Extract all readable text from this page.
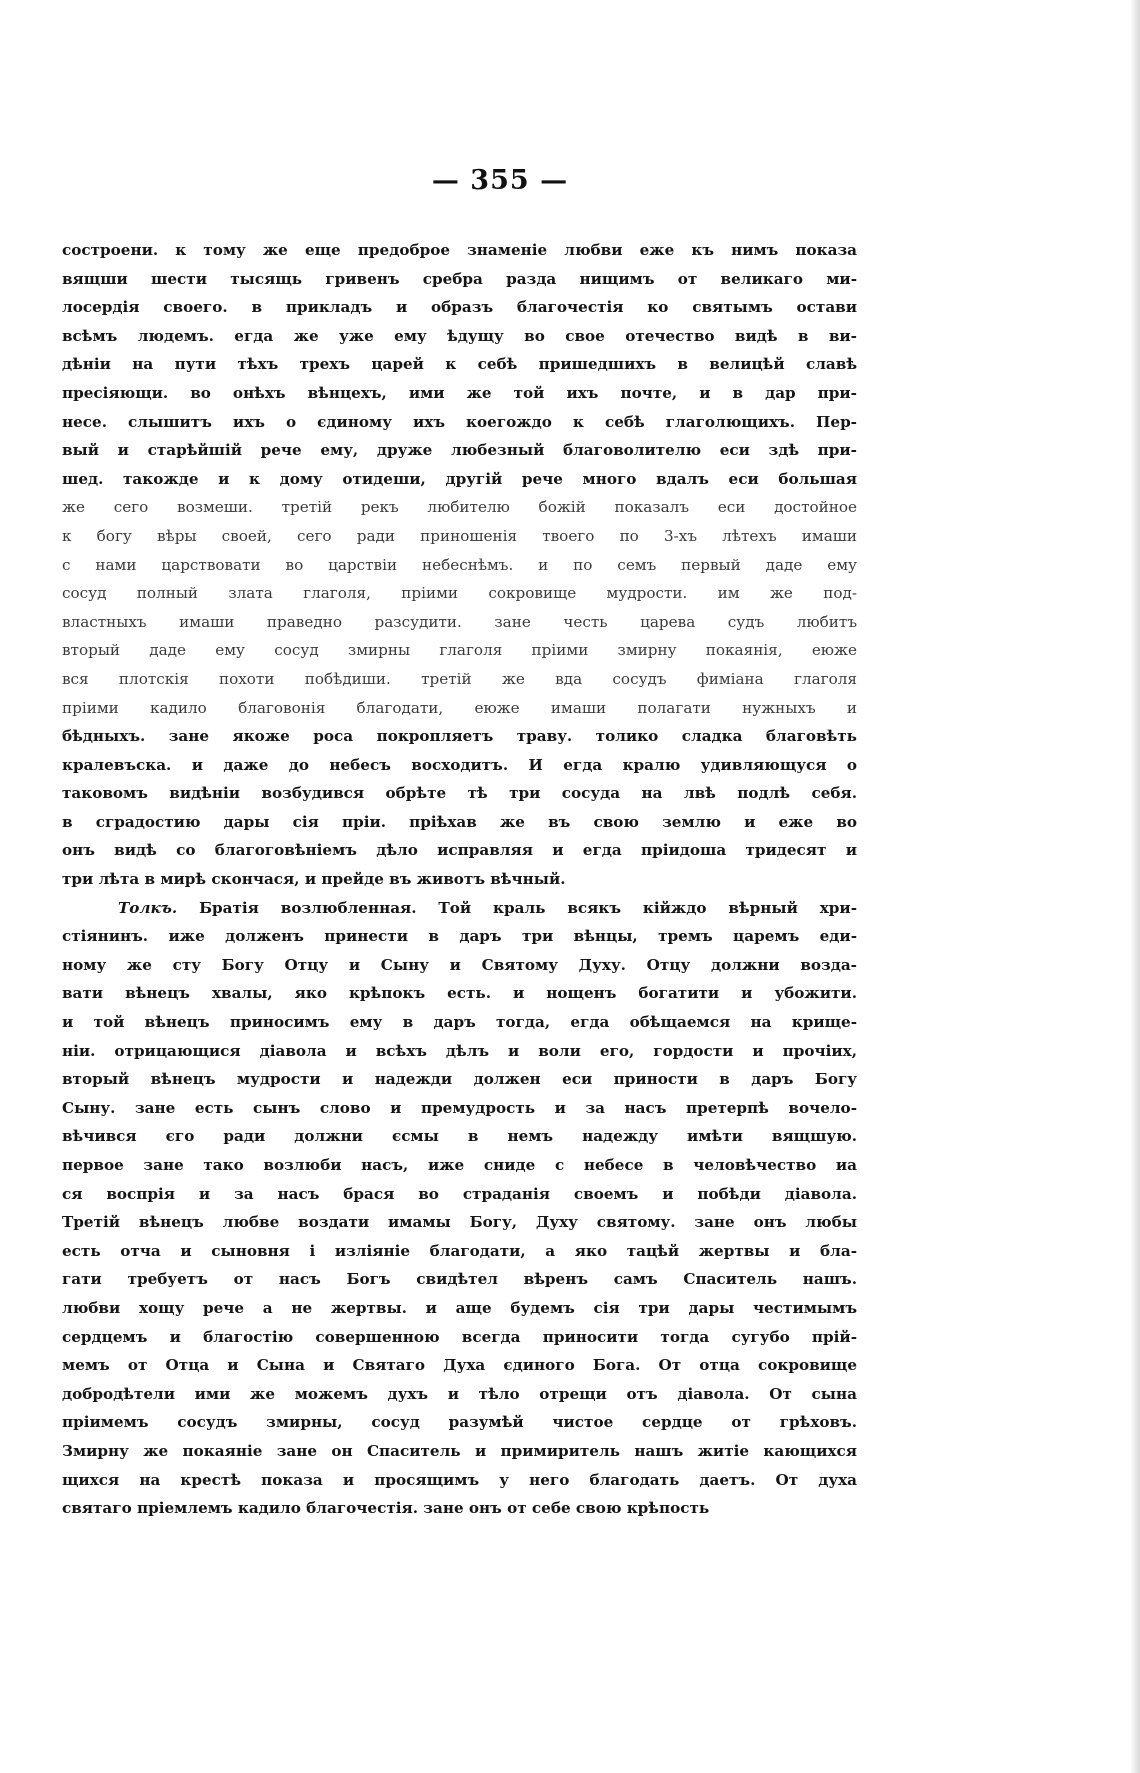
— 355 —
состроени. к тому же еще предоброе знаменіе любви еже къ нимъ показа
вящши шести тысящь гривенъ сребра разда нищимъ от великаго ми-
лосердія своего. в прикладъ и образъ благочестія ко святымъ остави
всѣмъ людемъ. егда же уже ему ѣдущу во свое отечество видѣ в ви-
дѣніи на пути тѣхъ трехъ царей к себѣ пришедшихъ в велицѣй славѣ
пресіяющи. во онѣхъ вѣнцехъ, ими же той ихъ почте, и в дар при-
несе. слышитъ ихъ о єдиному ихъ коегождо к себѣ глаголющихъ. Пер-
вый и старѣйшій рече ему, друже любезный благоволителю еси здѣ при-
шед. такожде и к дому отидеши, другій рече много вдалъ еси большая
же сего возмеши. третій рекъ любителю божій показалъ еси достойное
к богу вѣры своей, сего ради приношенія твоего по 3-хъ лѣтехъ имаши
с нами царствовати во царствіи небеснѣмъ. и по семъ первый даде ему
сосуд полный злата глаголя, пріими сокровище мудрости. им же под-
властныхъ имаши праведно разсудити. зане честь царева судъ любитъ
вторый даде ему сосуд змирны глаголя пріими змирну покаянія, еюже
вся плотскія похоти побѣдиши. третій же вда сосудъ фиміана глаголя
пріими кадило благовонія благодати, еюже имаши полагати нужныхъ и
бѣдныхъ. зане якоже роса покропляетъ траву. толико сладка благовѣть
кралевъска. и даже до небесъ восходитъ. И егда кралю удивляющуся о
таковомъ видѣніи возбудився обрѣте тѣ три сосуда на лвѣ подлѣ себя.
в сградостию дары сія пріи. пріѣхав же въ свою землю и еже во
онъ видѣ со благоговѣніемъ дѣло исправляя и егда пріидоша тридесят и
три лѣта в мирѣ скончася, и прейде въ животъ вѣчный.
Толкъ. Братія возлюбленная. Той краль всякъ кійждо вѣрный хри-
стіянинъ. иже долженъ принести в даръ три вѣнцы, тремъ царемъ еди-
ному же сту Богу Отцу и Сыну и Святому Духу. Отцу должни возда-
вати вѣнецъ хвалы, яко крѣпокъ есть. и нощенъ богатити и убожити.
и той вѣнецъ приносимъ ему в даръ тогда, егда обѣщаемся на крище-
ніи. отрицающися діавола и всѣхъ дѣлъ и воли его, гордости и прочіих,
вторый вѣнецъ мудрости и надежди должен еси приности в даръ Богу
Сыну. зане есть сынъ слово и премудрость и за насъ претерпѣ вочело-
вѣчився єго ради должни єсмы в немъ надежду имѣти вящшую.
первое зане тако возлюби насъ, иже сниде с небесе в человѣчество иа
ся воспрія и за насъ брася во страданія своемъ и побѣди діавола.
Третій вѣнецъ любве воздати имамы Богу, Духу святому. зане онъ любы
есть отча и сыновня і изліяніе благодати, а яко тацѣй жертвы и бла-
гати требуетъ от насъ Богъ свидѣтел вѣренъ самъ Спаситель нашъ.
любви хощу рече а не жертвы. и аще будемъ сія три дары честимымъ
сердцемъ и благостію совершенною всегда приносити тогда сугубо прій-
мемъ от Отца и Сына и Святаго Духа єдиного Бога. От отца сокровище
добродѣтели ими же можемъ духъ и тѣло отрещи отъ діавола. От сына
пріимемъ сосудъ змирны, сосуд разумѣй чистое сердце от грѣховъ.
Змирну же покаяніе зане он Спаситель и примиритель нашъ житіе кающихся
щихся на крестѣ показа и просящимъ у него благодать даетъ. От духа
святаго пріемлемъ кадило благочестія. зане онъ от себе свою крѣпость
